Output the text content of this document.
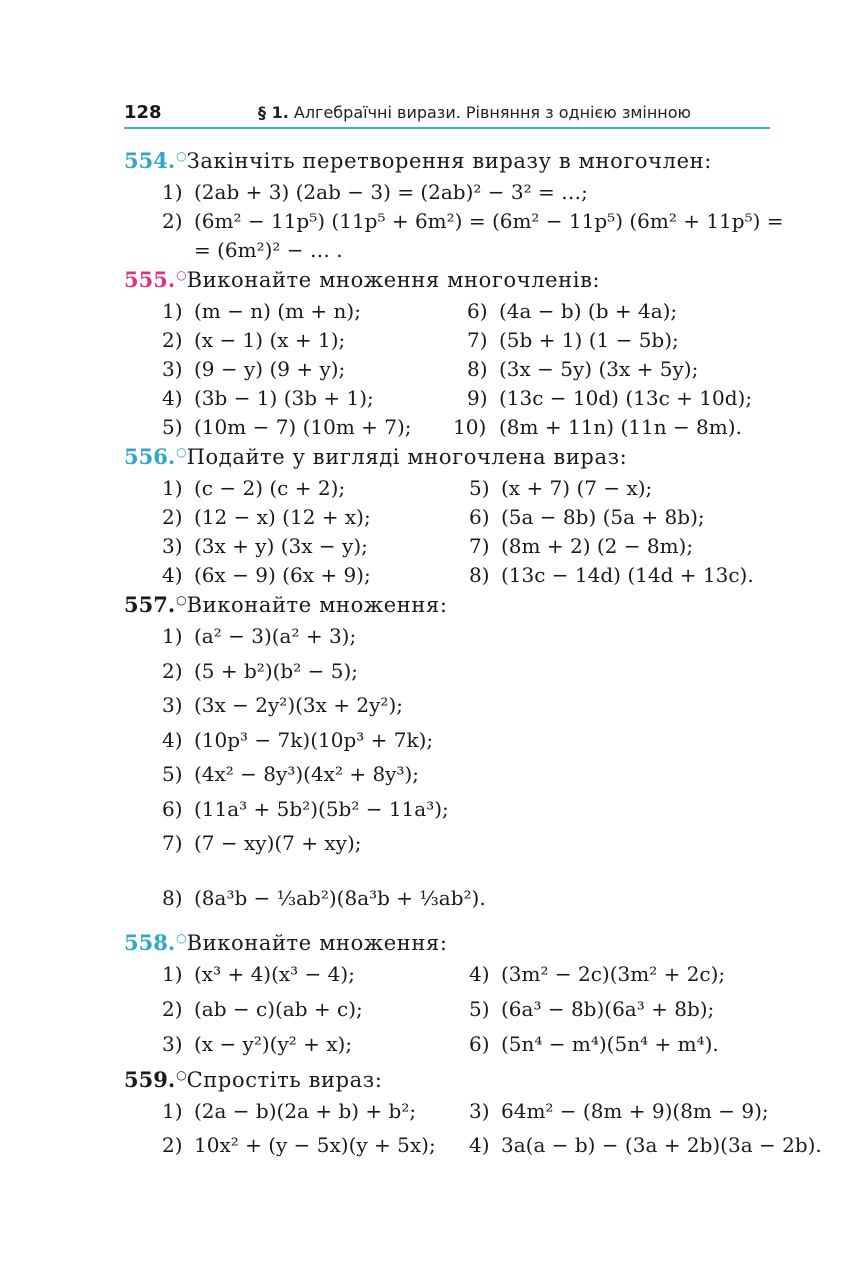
128	§ 1. Алгебраїчні вирази. Рівняння з однією змінною
554.○ Закінчіть перетворення виразу в многочлен:
1) (2ab + 3) (2ab − 3) = (2ab)² − 3² = …;
2) (6m² − 11p⁵) (11p⁵ + 6m²) = (6m² − 11p⁵) (6m² + 11p⁵) =
= (6m²)² − … .
555.○ Виконайте множення многочленів:
1) (m − n) (m + n);
2) (x − 1) (x + 1);
3) (9 − y) (9 + y);
4) (3b − 1) (3b + 1);
5) (10m − 7) (10m + 7);
6) (4a − b) (b + 4a);
7) (5b + 1) (1 − 5b);
8) (3x − 5y) (3x + 5y);
9) (13c − 10d) (13c + 10d);
10) (8m + 11n) (11n − 8m).
556.○ Подайте у вигляді многочлена вираз:
1) (c − 2) (c + 2);
2) (12 − x) (12 + x);
3) (3x + y) (3x − y);
4) (6x − 9) (6x + 9);
5) (x + 7) (7 − x);
6) (5a − 8b) (5a + 8b);
7) (8m + 2) (2 − 8m);
8) (13c − 14d) (14d + 13c).
557.○ Виконайте множення:
1) (a² − 3)(a² + 3);
2) (5 + b²)(b² − 5);
3) (3x − 2y²)(3x + 2y²);
4) (10p³ − 7k)(10p³ + 7k);
5) (4x² − 8y³)(4x² + 8y³);
6) (11a³ + 5b²)(5b² − 11a³);
7) (7 − xy)(7 + xy);
8) (8a³b − ⅓ab²)(8a³b + ⅓ab²).
558.○ Виконайте множення:
1) (x³ + 4)(x³ − 4);
2) (ab − c)(ab + c);
3) (x − y²)(y² + x);
4) (3m² − 2c)(3m² + 2c);
5) (6a³ − 8b)(6a³ + 8b);
6) (5n⁴ − m⁴)(5n⁴ + m⁴).
559.○ Спростіть вираз:
1) (2a − b)(2a + b) + b²;
2) 10x² + (y − 5x)(y + 5x);
3) 64m² − (8m + 9)(8m − 9);
4) 3a(a − b) − (3a + 2b)(3a − 2b).
